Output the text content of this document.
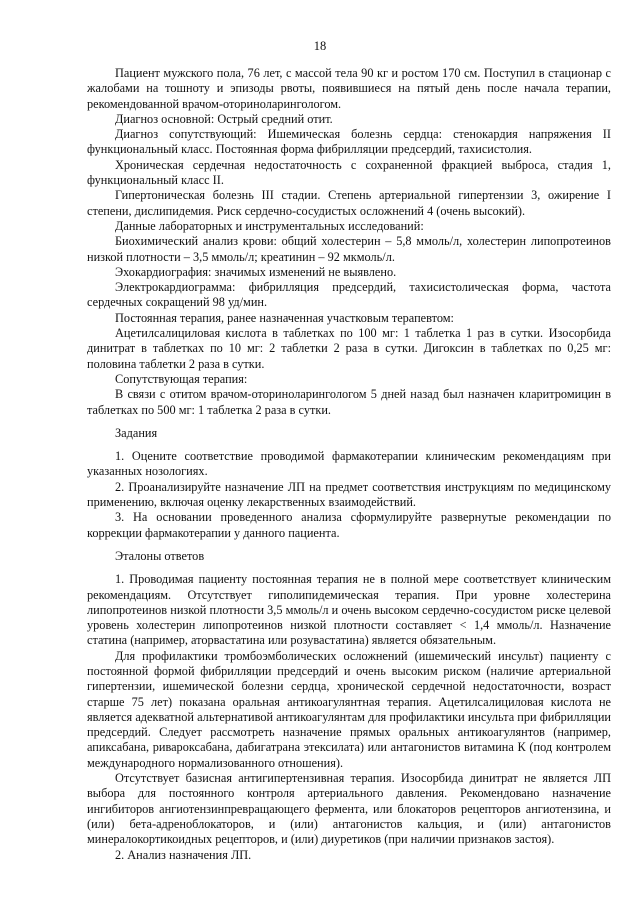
18

Пациент мужского пола, 76 лет, с массой тела 90 кг и ростом 170 см. Поступил в стационар с жалобами на тошноту и эпизоды рвоты, появившиеся на пятый день после начала терапии, рекомендованной врачом-оториноларингологом.

Диагноз основной: Острый средний отит.

Диагноз сопутствующий: Ишемическая болезнь сердца: стенокардия напряжения II функциональный класс. Постоянная форма фибрилляции предсердий, тахисистолия.

Хроническая сердечная недостаточность с сохраненной фракцией выброса, стадия 1, функциональный класс II.

Гипертоническая болезнь III стадии. Степень артериальной гипертензии 3, ожирение I степени, дислипидемия. Риск сердечно-сосудистых осложнений 4 (очень высокий).

Данные лабораторных и инструментальных исследований:

Биохимический анализ крови: общий холестерин – 5,8 ммоль/л, холестерин липопротеинов низкой плотности – 3,5 ммоль/л; креатинин – 92 мкмоль/л.

Эхокардиография: значимых изменений не выявлено.

Электрокардиограмма: фибрилляция предсердий, тахисистолическая форма, частота сердечных сокращений 98 уд/мин.

Постоянная терапия, ранее назначенная участковым терапевтом:

Ацетилсалициловая кислота в таблетках по 100 мг: 1 таблетка 1 раз в сутки. Изосорбида динитрат в таблетках по 10 мг: 2 таблетки 2 раза в сутки. Дигоксин в таблетках по 0,25 мг: половина таблетки 2 раза в сутки.

Сопутствующая терапия:

В связи с отитом врачом-оториноларингологом 5 дней назад был назначен кларитромицин в таблетках по 500 мг: 1 таблетка 2 раза в сутки.

Задания

1. Оцените соответствие проводимой фармакотерапии клиническим рекомендациям при указанных нозологиях.

2. Проанализируйте назначение ЛП на предмет соответствия инструкциям по медицинскому применению, включая оценку лекарственных взаимодействий.

3. На основании проведенного анализа сформулируйте развернутые рекомендации по коррекции фармакотерапии у данного пациента.

Эталоны ответов

1. Проводимая пациенту постоянная терапия не в полной мере соответствует клиническим рекомендациям. Отсутствует гиполипидемическая терапия. При уровне холестерина липопротеинов низкой плотности 3,5 ммоль/л и очень высоком сердечно-сосудистом риске целевой уровень холестерин липопротеинов низкой плотности составляет < 1,4 ммоль/л. Назначение статина (например, аторвастатина или розувастатина) является обязательным.

Для профилактики тромбоэмболических осложнений (ишемический инсульт) пациенту с постоянной формой фибрилляции предсердий и очень высоким риском (наличие артериальной гипертензии, ишемической болезни сердца, хронической сердечной недостаточности, возраст старше 75 лет) показана оральная антикоагулянтная терапия. Ацетилсалициловая кислота не является адекватной альтернативой антикоагулянтам для профилактики инсульта при фибрилляции предсердий. Следует рассмотреть назначение прямых оральных антикоагулянтов (например, апиксабана, ривароксабана, дабигатрана этексилата) или антагонистов витамина К (под контролем международного нормализованного отношения).

Отсутствует базисная антигипертензивная терапия. Изосорбида динитрат не является ЛП выбора для постоянного контроля артериального давления. Рекомендовано назначение ингибиторов ангиотензинпревращающего фермента, или блокаторов рецепторов ангиотензина, и (или) бета-адреноблокаторов, и (или) антагонистов кальция, и (или) антагонистов минералокортикоидных рецепторов, и (или) диуретиков (при наличии признаков застоя).

2. Анализ назначения ЛП.
